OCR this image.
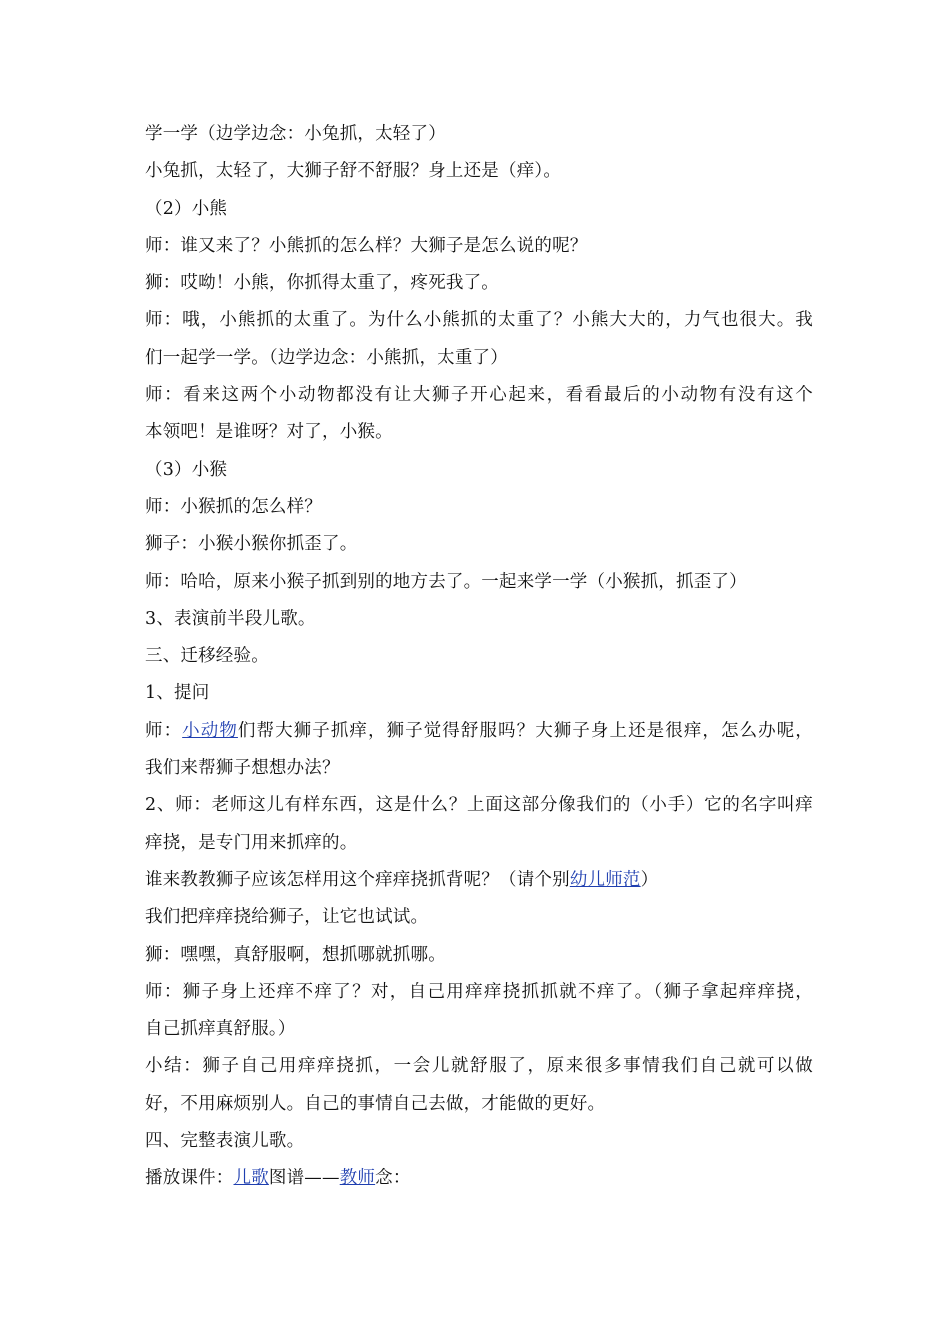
学一学（边学边念：小兔抓，太轻了）
小兔抓，太轻了，大狮子舒不舒服？身上还是（痒）。
（2）小熊
师：谁又来了？小熊抓的怎么样？大狮子是怎么说的呢？
狮：哎呦！小熊，你抓得太重了，疼死我了。
师：哦，小熊抓的太重了。为什么小熊抓的太重了？小熊大大的，力气也很大。我
们一起学一学。（边学边念：小熊抓，太重了）
师：看来这两个小动物都没有让大狮子开心起来，看看最后的小动物有没有这个
本领吧！是谁呀？对了，小猴。
（3）小猴
师：小猴抓的怎么样？
狮子：小猴小猴你抓歪了。
师：哈哈，原来小猴子抓到别的地方去了。一起来学一学（小猴抓，抓歪了）
3、表演前半段儿歌。
三、迁移经验。
1、提问
师：小动物们帮大狮子抓痒，狮子觉得舒服吗？大狮子身上还是很痒，怎么办呢，
我们来帮狮子想想办法？
2、师：老师这儿有样东西，这是什么？上面这部分像我们的（小手）它的名字叫痒
痒挠，是专门用来抓痒的。
谁来教教狮子应该怎样用这个痒痒挠抓背呢？（请个别幼儿师范）
我们把痒痒挠给狮子，让它也试试。
狮：嘿嘿，真舒服啊，想抓哪就抓哪。
师：狮子身上还痒不痒了？对，自己用痒痒挠抓抓就不痒了。（狮子拿起痒痒挠，
自己抓痒真舒服。）
小结：狮子自己用痒痒挠抓，一会儿就舒服了，原来很多事情我们自己就可以做
好，不用麻烦别人。自己的事情自己去做，才能做的更好。
四、完整表演儿歌。
播放课件：儿歌图谱——教师念：
